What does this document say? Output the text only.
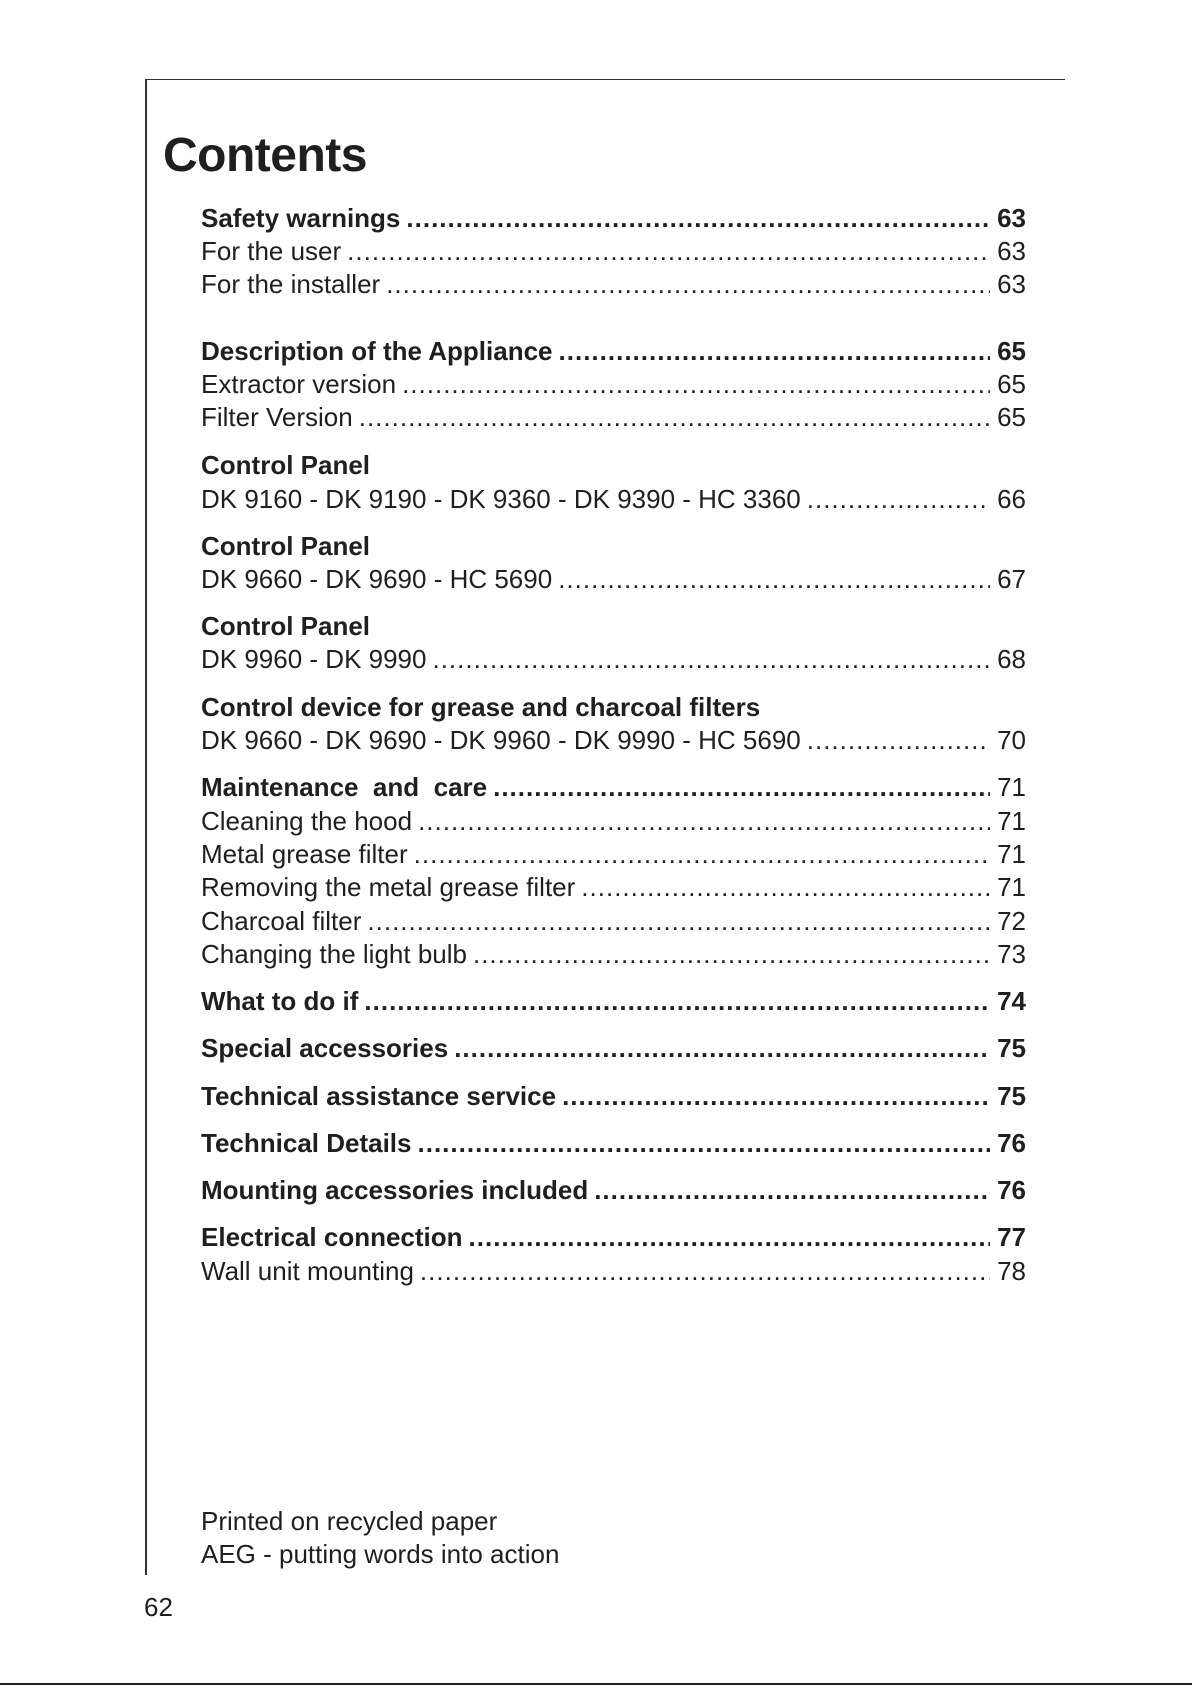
Contents
Safety warnings .....	63
For the user .....	63
For the installer .....	63
Description of the Appliance .....	65
Extractor version .....	65
Filter Version .....	65
Control Panel
DK 9160 - DK 9190 - DK 9360 - DK 9390 - HC 3360 .....	66
Control Panel
DK 9660 - DK 9690 - HC 5690 .....	67
Control Panel
DK 9960 - DK 9990 .....	68
Control device for grease and charcoal filters
DK 9660 - DK 9690 - DK 9960 - DK 9990 - HC 5690 .....	70
Maintenance  and  care .....	71
Cleaning the hood .....	71
Metal grease filter .....	71
Removing the metal grease filter .....	71
Charcoal filter .....	72
Changing the light bulb .....	73
What to do if .....	74
Special accessories .....	75
Technical assistance service .....	75
Technical Details .....	76
Mounting accessories included .....	76
Electrical connection .....	77
Wall unit mounting .....	78
Printed on recycled paper
AEG - putting words into action
62
